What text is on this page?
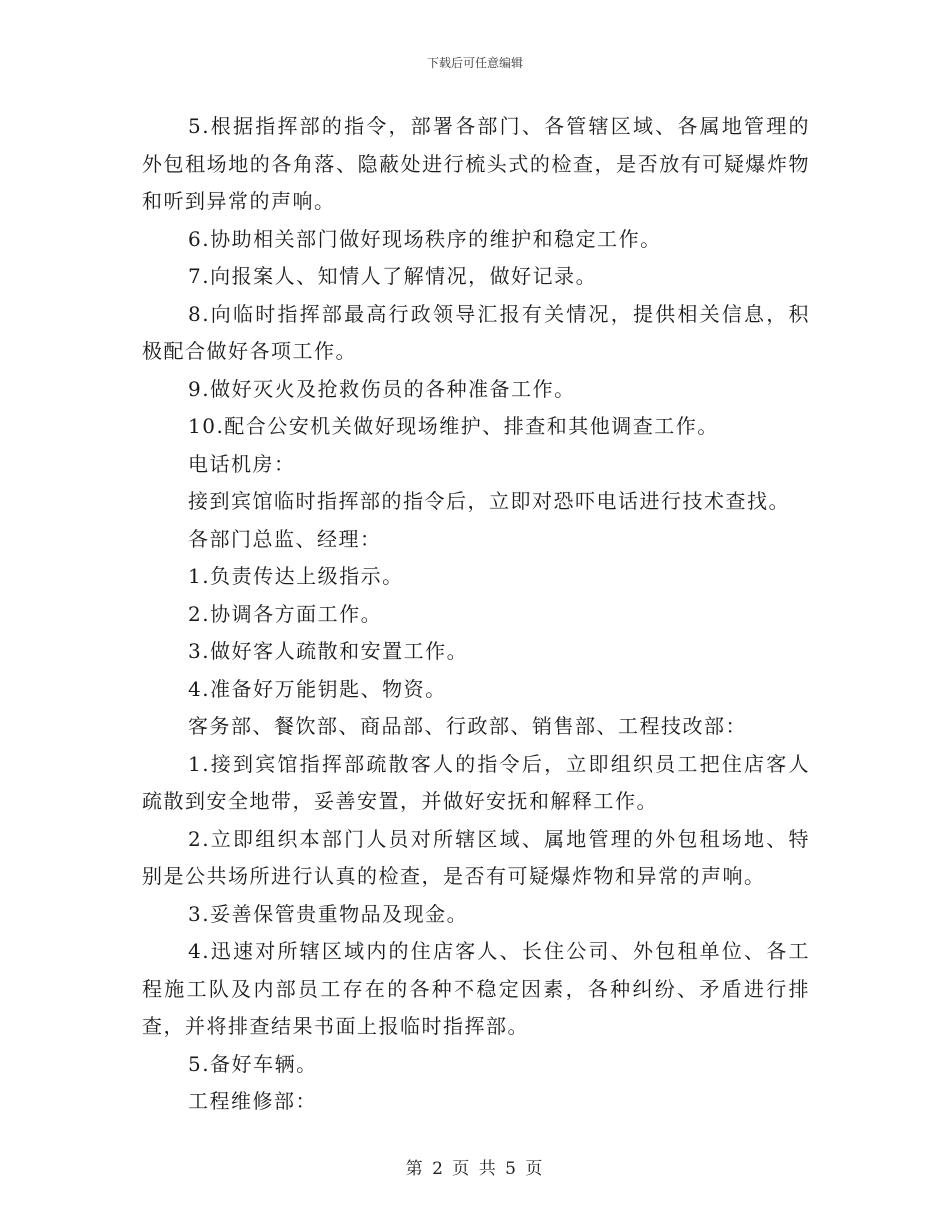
下载后可任意编辑

5.根据指挥部的指令，部署各部门、各管辖区域、各属地管理的外包租场地的各角落、隐蔽处进行梳头式的检查，是否放有可疑爆炸物和听到异常的声响。

6.协助相关部门做好现场秩序的维护和稳定工作。

7.向报案人、知情人了解情况，做好记录。

8.向临时指挥部最高行政领导汇报有关情况，提供相关信息，积极配合做好各项工作。

9.做好灭火及抢救伤员的各种准备工作。

10.配合公安机关做好现场维护、排查和其他调查工作。

电话机房：

接到宾馆临时指挥部的指令后，立即对恐吓电话进行技术查找。

各部门总监、经理：

1.负责传达上级指示。

2.协调各方面工作。

3.做好客人疏散和安置工作。

4.准备好万能钥匙、物资。

客务部、餐饮部、商品部、行政部、销售部、工程技改部：

1.接到宾馆指挥部疏散客人的指令后，立即组织员工把住店客人疏散到安全地带，妥善安置，并做好安抚和解释工作。

2.立即组织本部门人员对所辖区域、属地管理的外包租场地、特别是公共场所进行认真的检查，是否有可疑爆炸物和异常的声响。

3.妥善保管贵重物品及现金。

4.迅速对所辖区域内的住店客人、长住公司、外包租单位、各工程施工队及内部员工存在的各种不稳定因素，各种纠纷、矛盾进行排查，并将排查结果书面上报临时指挥部。

5.备好车辆。

工程维修部：

第 2 页 共 5 页
